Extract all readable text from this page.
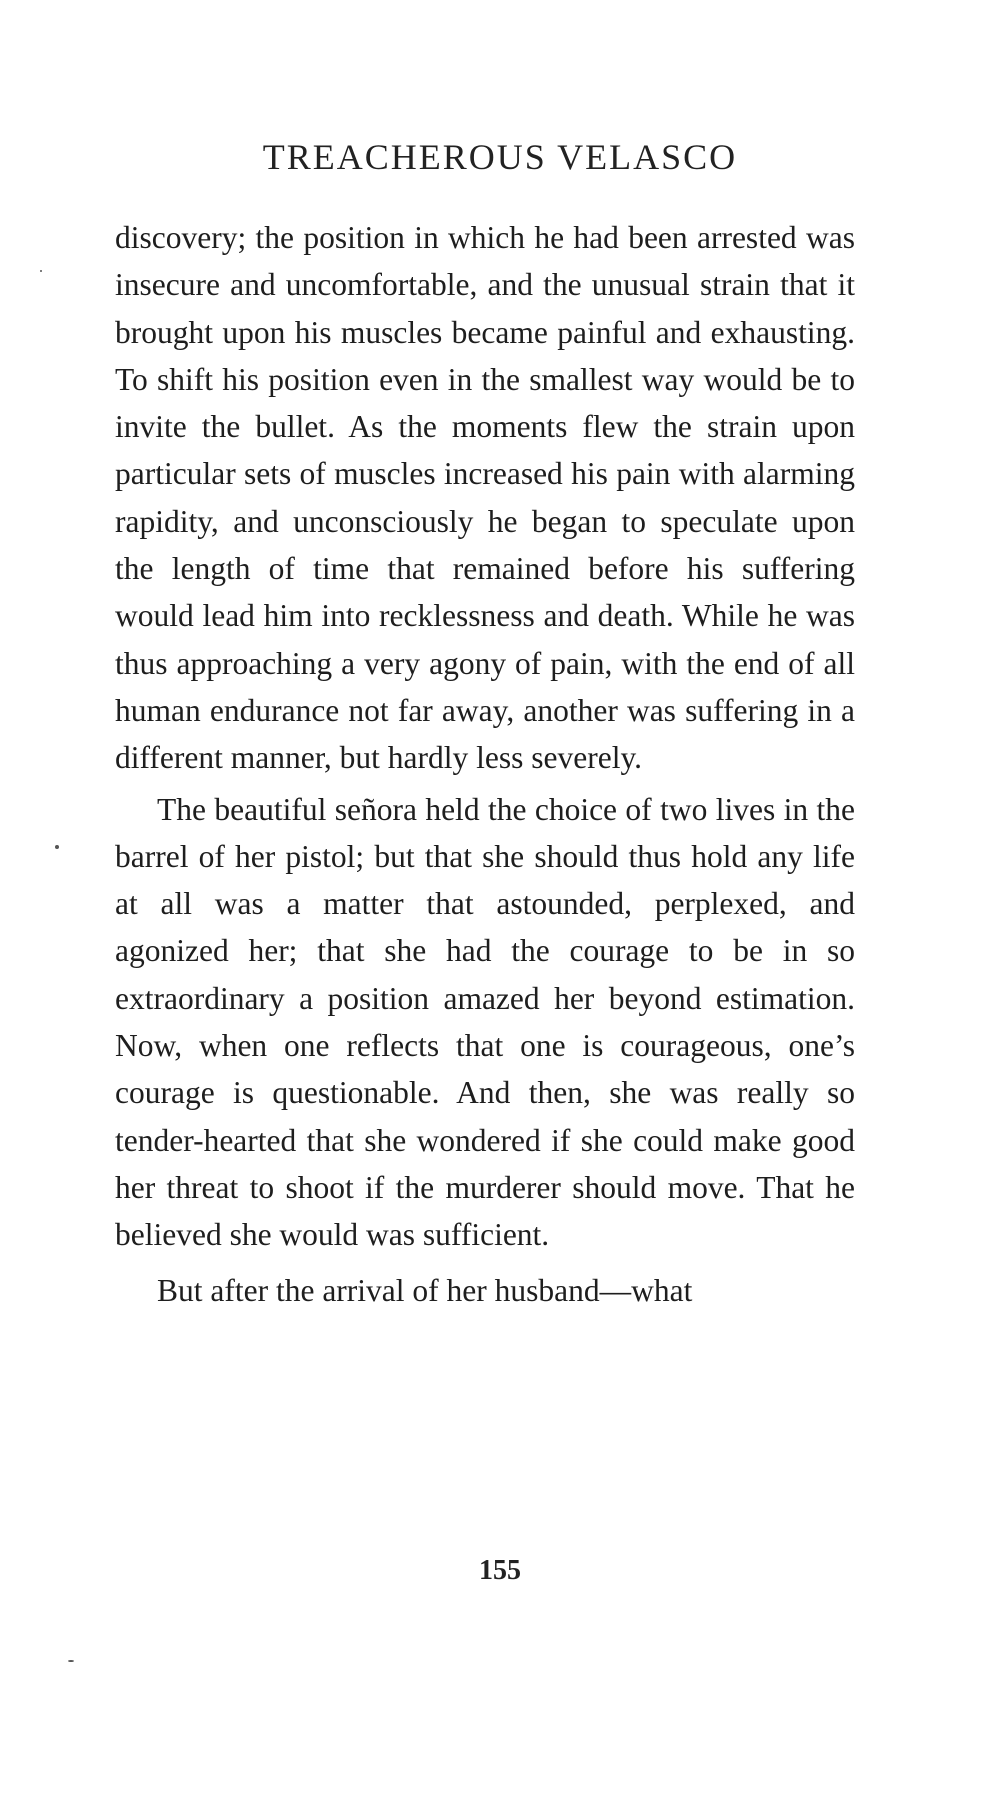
TREACHEROUS VELASCO

discovery; the position in which he had been arrested was insecure and uncomfortable, and the unusual strain that it brought upon his muscles became painful and exhausting. To shift his position even in the smallest way would be to invite the bullet. As the moments flew the strain upon particular sets of muscles increased his pain with alarming rapidity, and unconsciously he began to speculate upon the length of time that remained before his suffering would lead him into recklessness and death. While he was thus approaching a very agony of pain, with the end of all human endurance not far away, another was suffering in a different manner, but hardly less severely.

The beautiful señora held the choice of two lives in the barrel of her pistol; but that she should thus hold any life at all was a matter that astounded, perplexed, and agonized her; that she had the courage to be in so extraordinary a position amazed her beyond estimation. Now, when one reflects that one is courageous, one’s courage is questionable. And then, she was really so tender-hearted that she wondered if she could make good her threat to shoot if the murderer should move. That he believed she would was sufficient.

But after the arrival of her husband—what

155
